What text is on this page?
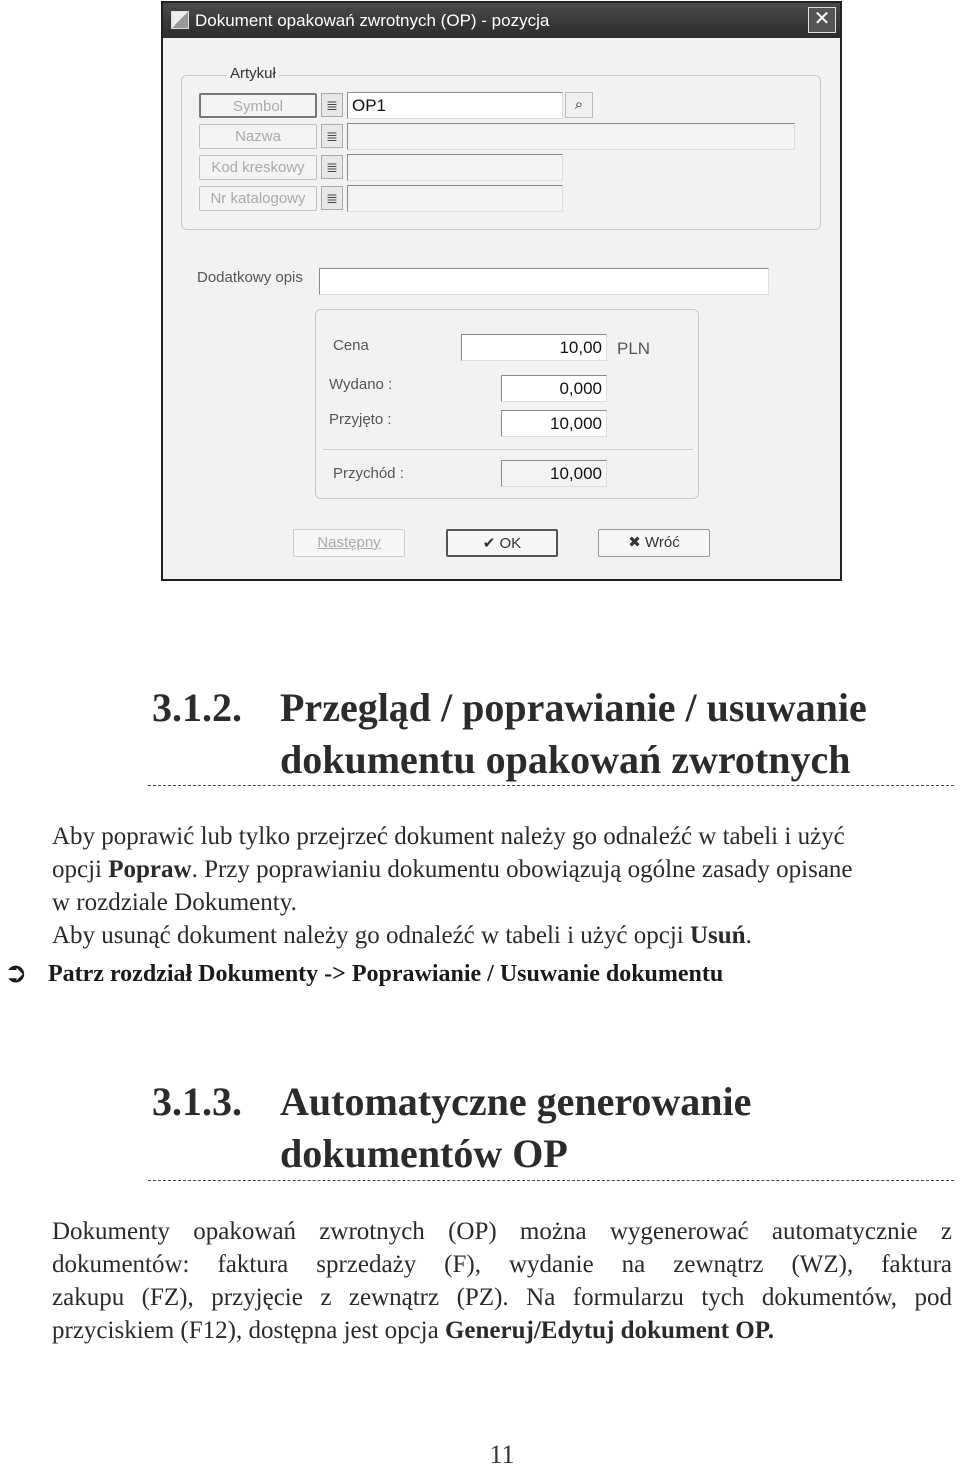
Dokument opakowań zwrotnych (OP) - pozycja	✕
Artykuł
Symbol	≣ OP1	⌕
Nazwa	≣
Kod kreskowy	≣
Nr katalogowy	≣
Dodatkowy opis
Cena	10,00 PLN
Wydano :	0,000
Przyjęto :	10,000
Przychód :	10,000
Następny	✔ OK	✖ Wróć
3.1.2. Przegląd / poprawianie / usuwanie
dokumentu opakowań zwrotnych
Aby poprawić lub tylko przejrzeć dokument należy go odnaleźć w tabeli i użyć
opcji Popraw. Przy poprawianiu dokumentu obowiązują ogólne zasady opisane
w rozdziale Dokumenty.
Aby usunąć dokument należy go odnaleźć w tabeli i użyć opcji Usuń.
➲ Patrz rozdział Dokumenty -> Poprawianie / Usuwanie dokumentu
3.1.3. Automatyczne generowanie
dokumentów OP
Dokumenty opakowań zwrotnych (OP) można wygenerować automatycznie z
dokumentów: faktura sprzedaży (F), wydanie na zewnątrz (WZ), faktura
zakupu (FZ), przyjęcie z zewnątrz (PZ). Na formularzu tych dokumentów, pod
przyciskiem (F12), dostępna jest opcja Generuj/Edytuj dokument OP.
11
